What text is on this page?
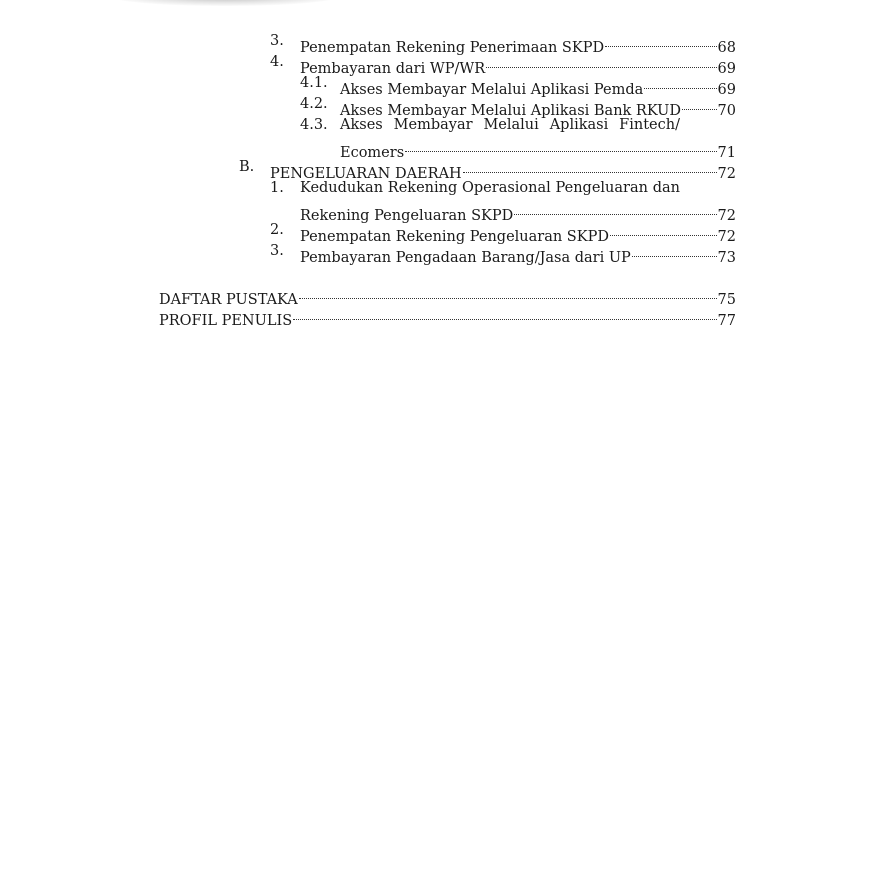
3. Penempatan Rekening Penerimaan SKPD	68
4. Pembayaran dari WP/WR	69
4.1. Akses Membayar Melalui Aplikasi Pemda	69
4.2. Akses Membayar Melalui Aplikasi Bank RKUD	70
4.3. Akses Membayar Melalui Aplikasi Fintech/
Ecomers	71
B. PENGELUARAN DAERAH	72
1. Kedudukan Rekening Operasional Pengeluaran dan
Rekening Pengeluaran SKPD	72
2. Penempatan Rekening Pengeluaran SKPD	72
3. Pembayaran Pengadaan Barang/Jasa dari UP	73
DAFTAR PUSTAKA	75
PROFIL PENULIS	77
